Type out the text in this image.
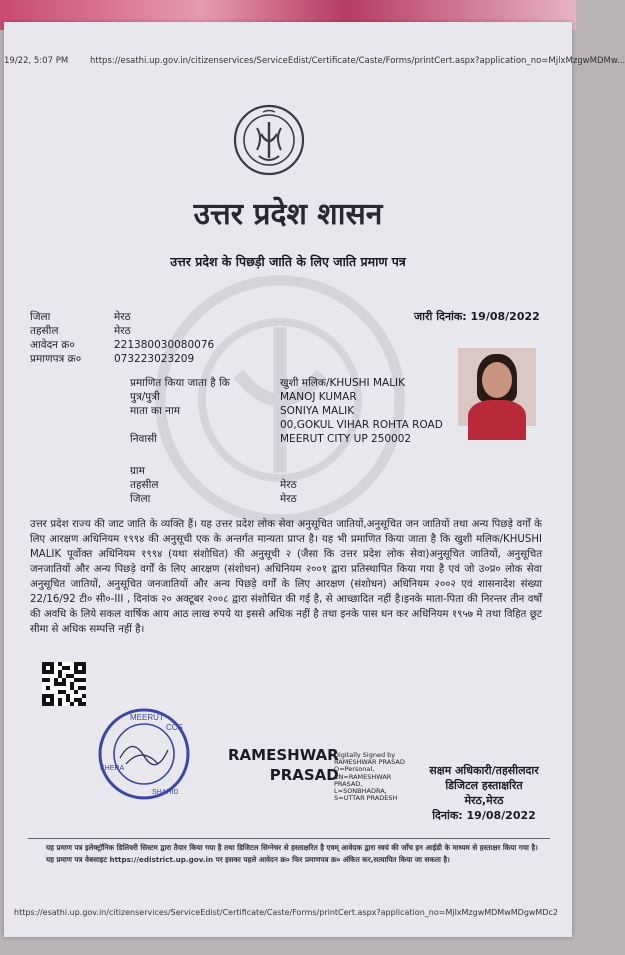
19/22, 5:07 PM	https://esathi.up.gov.in/citizenservices/ServiceEdist/Certificate/Caste/Forms/printCert.aspx?application_no=MjlxMzgwMDMw...
उत्तर प्रदेश शासन
उत्तर प्रदेश के पिछड़ी जाति के लिए जाति प्रमाण पत्र
जिला	मेरठ
तहसील	मेरठ
आवेदन क्र०	221380030080076
प्रमाणपत्र क्र०	073223023209
जारी दिनांक: 19/08/2022
प्रमाणित किया जाता है कि	खुशी मलिक/KHUSHI MALIK
पुत्र/पुत्री	MANOJ KUMAR
माता का नाम	SONIYA MALIK
	00,GOKUL VIHAR ROHTA ROAD
निवासी	MEERUT CITY UP 250002

ग्राम	
तहसील	मेरठ
जिला	मेरठ
उत्तर प्रदेश राज्य की जाट जाति के व्यक्ति हैं। यह उत्तर प्रदेश लोक सेवा अनुसूचित जातियों,अनुसूचित जन जातियों तथा अन्य पिछड़े वर्गों के लिए आरक्षण अधिनियम १९९४ की अनुसूची एक के अन्तर्गत मान्यता प्राप्त है। यह भी प्रमाणित किया जाता है कि खुशी मलिक/KHUSHI MALIK पूर्वोक्त अधिनियम १९९४ (यथा संशोधित) की अनुसूची २ (जैसा कि उत्तर प्रदेश लोक सेवा)अनुसूचित जातियों, अनुसूचित जनजातियों और अन्य पिछड़े वर्गों के लिए आरक्षण (संशोधन) अधिनियम २००१ द्वारा प्रतिस्थापित किया गया है एवं जो उ०प्र० लोक सेवा अनुसूचित जातियों, अनुसूचित जनजातियों और अन्य पिछड़े वर्गों के लिए आरक्षण (संशोधन) अधिनियम २००२ एवं शासनादेश संख्या 22/16/92 टी० सी०-III , दिनांक २० अक्टूबर २००८ द्वारा संशोधित की गई है, से आच्छादित नहीं है।इनके माता-पिता की निरन्तर तीन वर्षों की अवधि के लिये सकल वार्षिक आय आठ लाख रुपये या इससे अधिक नहीं है तथा इनके पास धन कर अधिनियम १९५७ मे तथा विहित छूट सीमा से अधिक सम्पत्ति नहीं है।
MEERUT
CCS
KHERA
SHAHID
RAMESHWAR
PRASAD
Digitally Signed by
RAMESHWAR PRASAD
O=Personal,
CN=RAMESHWAR
PRASAD,
L=SONBHADRA,
S=UTTAR PRADESH
सक्षम अधिकारी/तहसीलदार
डिजिटल हस्ताक्षरित
मेरठ,मेरठ
दिनांक: 19/08/2022
यह प्रमाण पत्र इलेक्ट्रॉनिक डिलिवरी सिस्टम द्वारा तैयार किया गया है तथा डिजिटल सिग्नेचर से हस्ताक्षरित है एवम् आवेदक द्वारा स्वयं की जाँच इन आईडी के माध्यम से हस्ताक्षर किया गया है। यह प्रमाण पत्र वेबसाइट https://edistrict.up.gov.in पर इसका पहले आवेदन क्र० फिर प्रमाणपत्र क्र० अंकित कर,सत्यापित किया जा सकता है।
https://esathi.up.gov.in/citizenservices/ServiceEdist/Certificate/Caste/Forms/printCert.aspx?application_no=MjlxMzgwMDMwMDgwMDc2
